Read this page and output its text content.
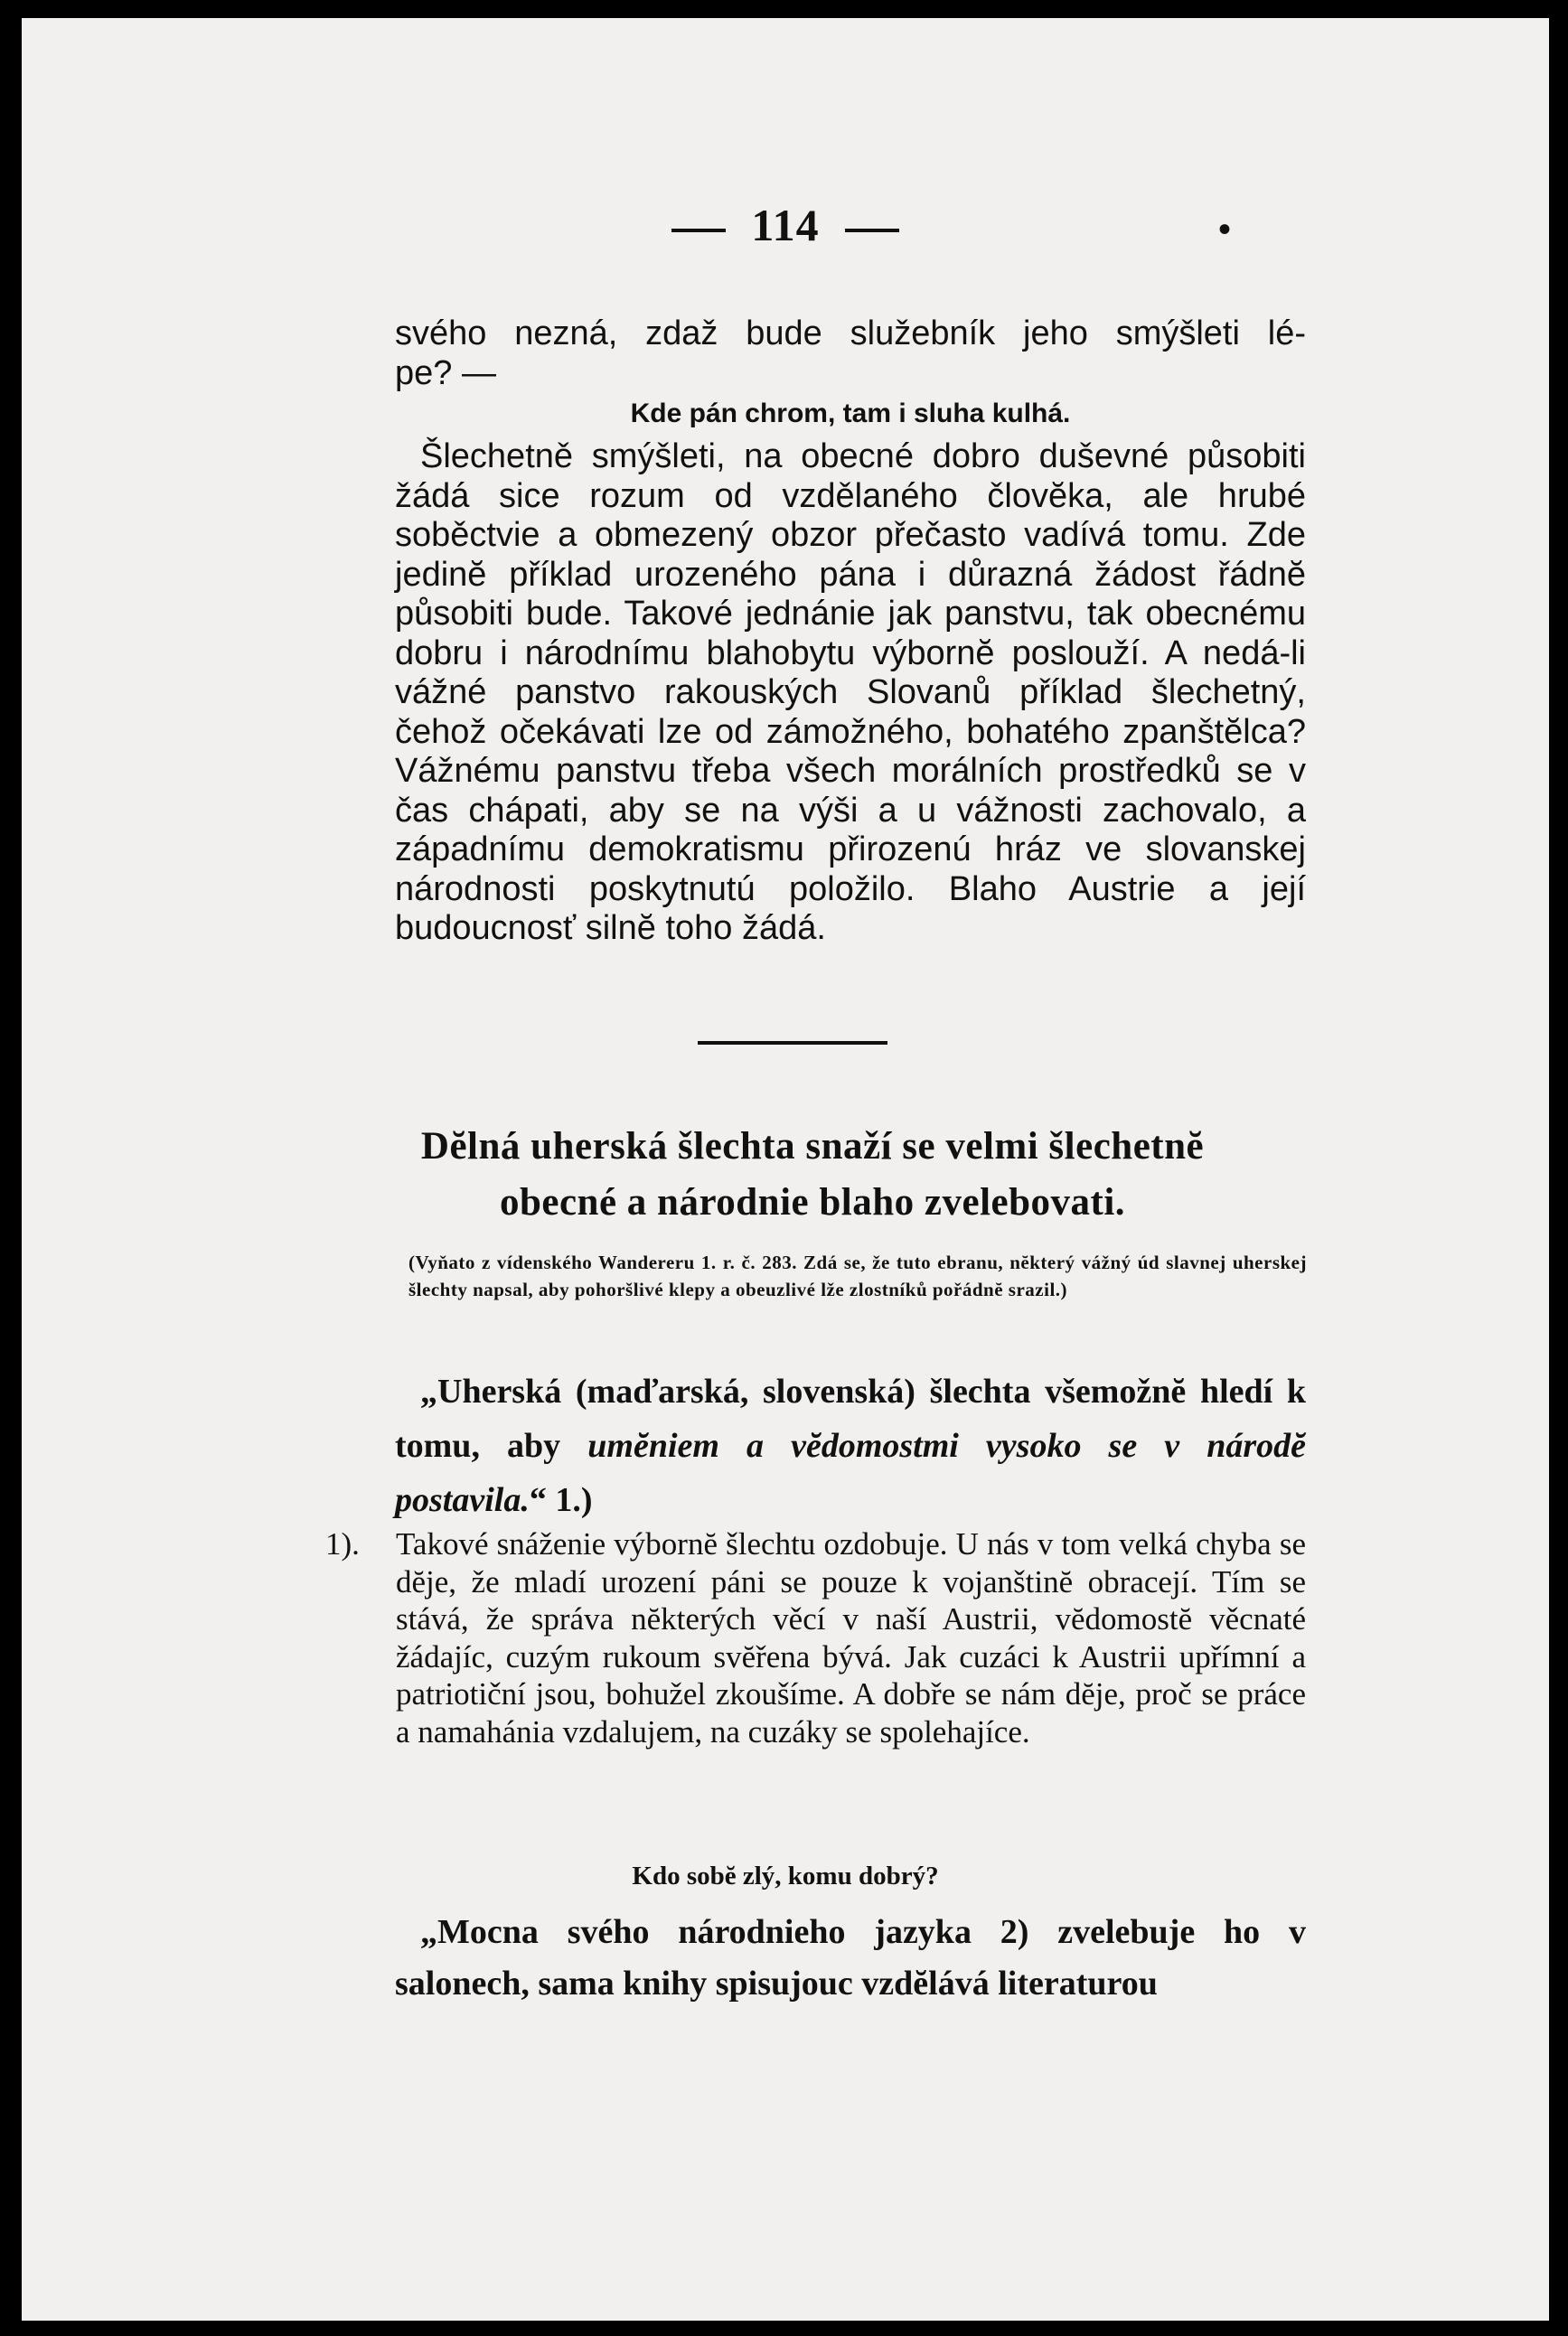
114	•

svého nezná, zdaž bude služebník jeho smýšleti lé-

pe? —

Kde pán chrom, tam i sluha kulhá.

Šlechetně smýšleti, na obecné dobro duševné působiti žádá sice rozum od vzdělaného človĕka, ale hrubé soběctvie a obmezený obzor přečasto vadívá tomu. Zde jedinĕ příklad urozeného pána i důrazná žádost řádnĕ působiti bude. Takové jednánie jak panstvu, tak obecnému dobru i národnímu blahobytu výbornĕ poslouží. A nedá-li vážné panstvo rakouských Slovanů příklad šlechetný, čehož očekávati lze od zámožného, bohatého zpanštĕlca? Vážnému panstvu třeba všech morálních prostředků se v čas chápati, aby se na výši a u vážnosti zachovalo, a západnímu demokratismu přirozenú hráz ve slovanskej národnosti poskytnutú položilo. Blaho Austrie a její budoucnosť silnĕ toho žádá.

Dĕlná uherská šlechta snaží se velmi šlechetnĕ
obecné a národnie blaho zvelebovati.
(Vyňato z vídenského Wandereru 1. r. č. 283. Zdá se, že tuto ebranu, nĕkterý vážný úd slavnej uherskej šlechty napsal, aby pohoršlivé klepy a obeuzlivé lže zlostníků pořádnĕ srazil.)
„Uherská (maďarská, slovenská) šlechta všemožnĕ hledí k tomu, aby umĕniem a vĕdomostmi vysoko se v národĕ postavila.“ 1.)
1). Takové snáženie výbornĕ šlechtu ozdobuje. U nás v tom velká chyba se dĕje, že mladí urození páni se pouze k vojanštinĕ obracejí. Tím se stává, že správa nĕkterých věcí v naší Austrii, vĕdomostĕ věcnaté žádajíc, cuzým rukoum svĕřena bývá. Jak cuzáci k Austrii upřímní a patriotiční jsou, bohužel zkoušíme. A dobře se nám dĕje, proč se práce a namahánia vzdalujem, na cuzáky se spolehajíce.

Kdo sobĕ zlý, komu dobrý?

„Mocna svého národnieho jazyka 2) zvelebuje ho v salonech, sama knihy spisujouc vzdĕlává literaturou
